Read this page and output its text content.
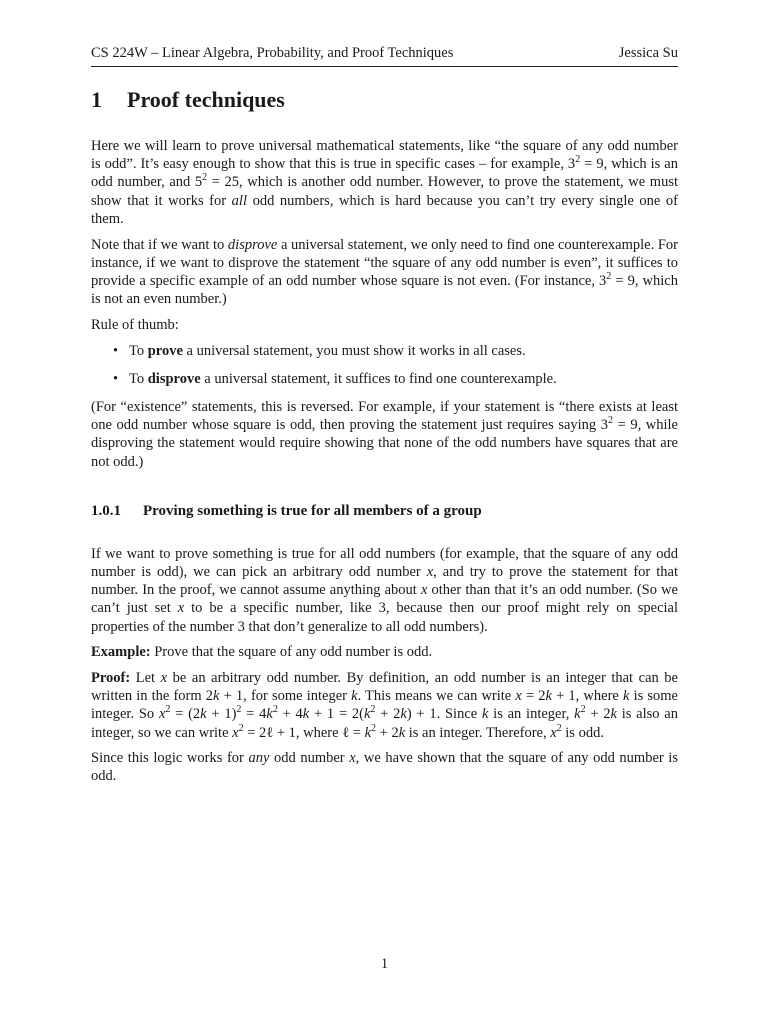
CS 224W – Linear Algebra, Probability, and Proof Techniques	Jessica Su
1 Proof techniques

Here we will learn to prove universal mathematical statements, like “the square of any odd number is odd”. It’s easy enough to show that this is true in specific cases – for example, $3^2 = 9$, which is an odd number, and $5^2 = 25$, which is another odd number. However, to prove the statement, we must show that it works for all odd numbers, which is hard because you can’t try every single one of them.

Note that if we want to disprove a universal statement, we only need to find one counterexample. For instance, if we want to disprove the statement “the square of any odd number is even”, it suffices to provide a specific example of an odd number whose square is not even. (For instance, $3^2 = 9$, which is not an even number.)

Rule of thumb:

• To prove a universal statement, you must show it works in all cases.
• To disprove a universal statement, it suffices to find one counterexample.

(For “existence” statements, this is reversed. For example, if your statement is “there exists at least one odd number whose square is odd, then proving the statement just requires saying $3^2 = 9$, while disproving the statement would require showing that none of the odd numbers have squares that are not odd.)

1.0.1 Proving something is true for all members of a group

If we want to prove something is true for all odd numbers (for example, that the square of any odd number is odd), we can pick an arbitrary odd number x, and try to prove the statement for that number. In the proof, we cannot assume anything about x other than that it’s an odd number. (So we can’t just set x to be a specific number, like 3, because then our proof might rely on special properties of the number 3 that don’t generalize to all odd numbers).

Example: Prove that the square of any odd number is odd.

Proof: Let x be an arbitrary odd number. By definition, an odd number is an integer that can be written in the form 2k + 1, for some integer k. This means we can write x = 2k + 1, where k is some integer. So $x^2 = (2k + 1)^2 = 4k^2 + 4k + 1 = 2(k^2 + 2k) + 1$. Since k is an integer, $k^2 + 2k$ is also an integer, so we can write $x^2$ = 2ℓ + 1, where ℓ = $k^2 + 2k$ is an integer. Therefore, $x^2$ is odd.

Since this logic works for any odd number x, we have shown that the square of any odd number is odd.

1
